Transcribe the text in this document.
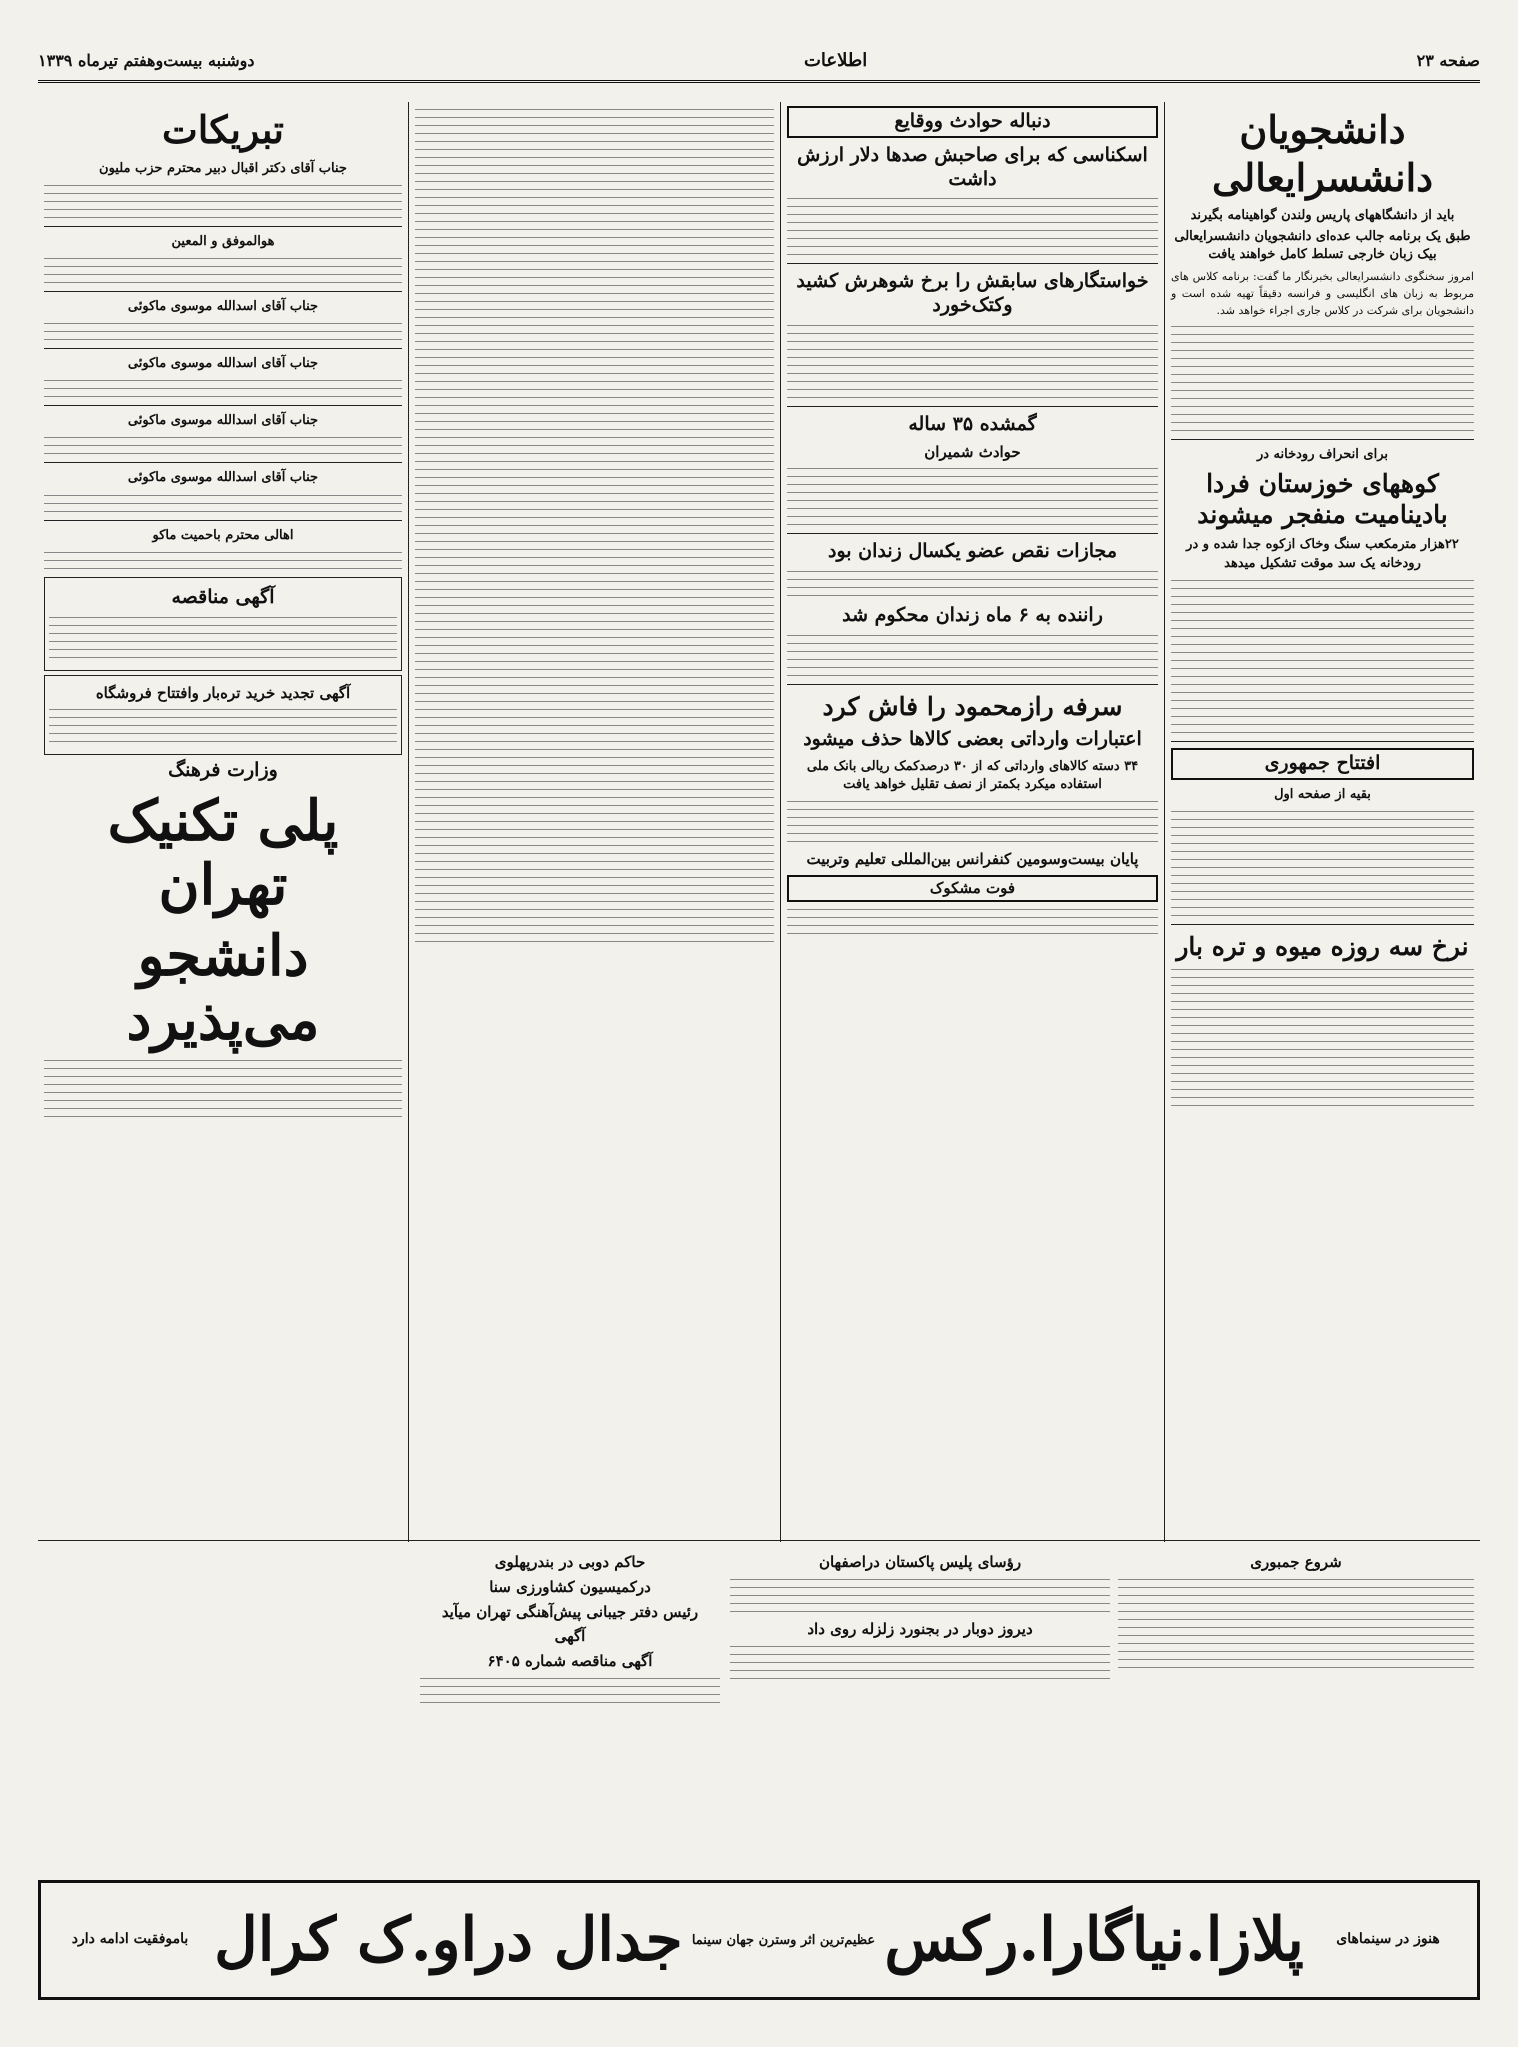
صفحه ۲۳
اطلاعات
دوشنبه بیست‌وهفتم تیرماه ۱۳۳۹
دانشجویان دانشسرایعالی
باید از دانشگاههای پاریس ولندن گواهینامه بگیرند
طبق یک برنامه جالب عده‌ای دانشجویان دانشسرایعالی بیک زبان خارجی تسلط کامل خواهند یافت
امروز سخنگوی دانشسرایعالی بخبرنگار ما گفت: برنامه کلاس های مربوط به زبان های انگلیسی و فرانسه دقیقاً تهیه شده است و دانشجویان برای شرکت در کلاس جاری اجراء خواهد شد.
برای انحراف رودخانه در
کوههای خوزستان فردا بادینامیت منفجر میشوند
۲۲هزار مترمکعب سنگ وخاک ازکوه جدا شده و در رودخانه یک سد موقت تشکیل میدهد
افتتاح جمهوری
بقیه از صفحه اول
نرخ سه روزه میوه و تره بار
دنباله حوادث ووقایع
اسکناسی که برای صاحبش صدها دلار ارزش داشت
خواستگارهای سابقش را برخ شوهرش کشید وکتک‌خورد
گمشده ۳۵ ساله
حوادث شمیران
مجازات نقص عضو یکسال زندان بود
راننده به ۶ ماه زندان محکوم شد
سرفه رازمحمود را فاش کرد
اعتبارات وارداتی بعضی کالاها حذف میشود
۳۴ دسته کالاهای وارداتی که از ۳۰ درصدکمک ریالی بانک ملی استفاده میکرد بکمتر از نصف تقلیل خواهد یافت
پایان بیست‌وسومین کنفرانس بین‌المللی تعلیم وتربیت
فوت مشکوک
تبریکات
جناب آقای دکتر اقبال دبیر محترم حزب ملیون
هوالموفق و المعین
جناب آقای اسدالله موسوی ماکوئی
جناب آقای اسدالله موسوی ماکوئی
جناب آقای اسدالله موسوی ماکوئی
جناب آقای اسدالله موسوی ماکوئی
اهالی محترم باحمیت ماکو
آگهی مناقصه
آگهی تجدید خرید تره‌بار وافتتاح فروشگاه
وزارت فرهنگ
پلی تکنیک تهران
دانشجو می‌پذیرد
شروع جمبوری
رؤسای پلیس پاکستان دراصفهان
دیروز دوبار در بجنورد زلزله روی داد
حاکم دوبی در بندرپهلوی
درکمیسیون کشاورزی سنا
رئیس دفتر جیبانی پیش‌آهنگی تهران میآید
آگهی
آگهی مناقصه شماره ۶۴۰۵
هنوز در سینماهای
پلازا.نیاگارا.رکس
عظیم‌ترین اثر وسترن جهان سینما
جدال دراو.ک کرال
باموفقیت ادامه دارد
